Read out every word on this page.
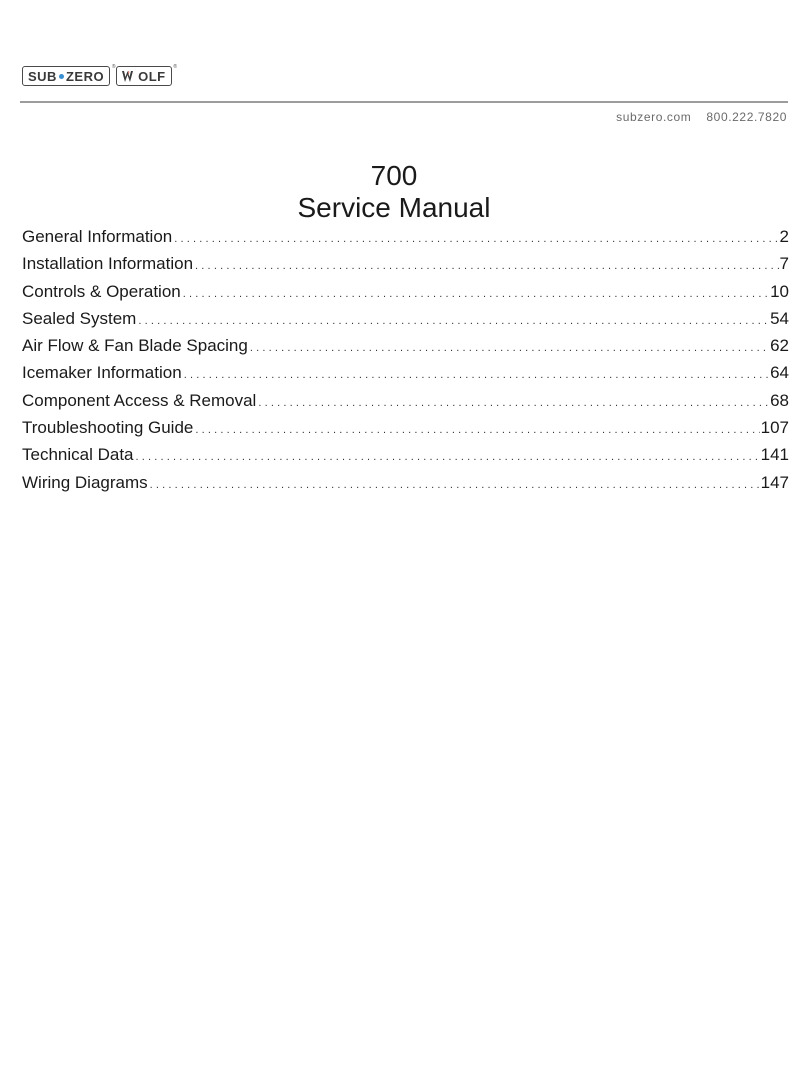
SUB ZERO
®
OLF
®
subzero.com 800.222.7820
700
Service Manual
General Information .....	2
Installation Information .....	7
Controls & Operation .....	10
Sealed System .....	54
Air Flow & Fan Blade Spacing .....	62
Icemaker Information .....	64
Component Access & Removal .....	68
Troubleshooting Guide .....	107
Technical Data .....	141
Wiring Diagrams .....	147
